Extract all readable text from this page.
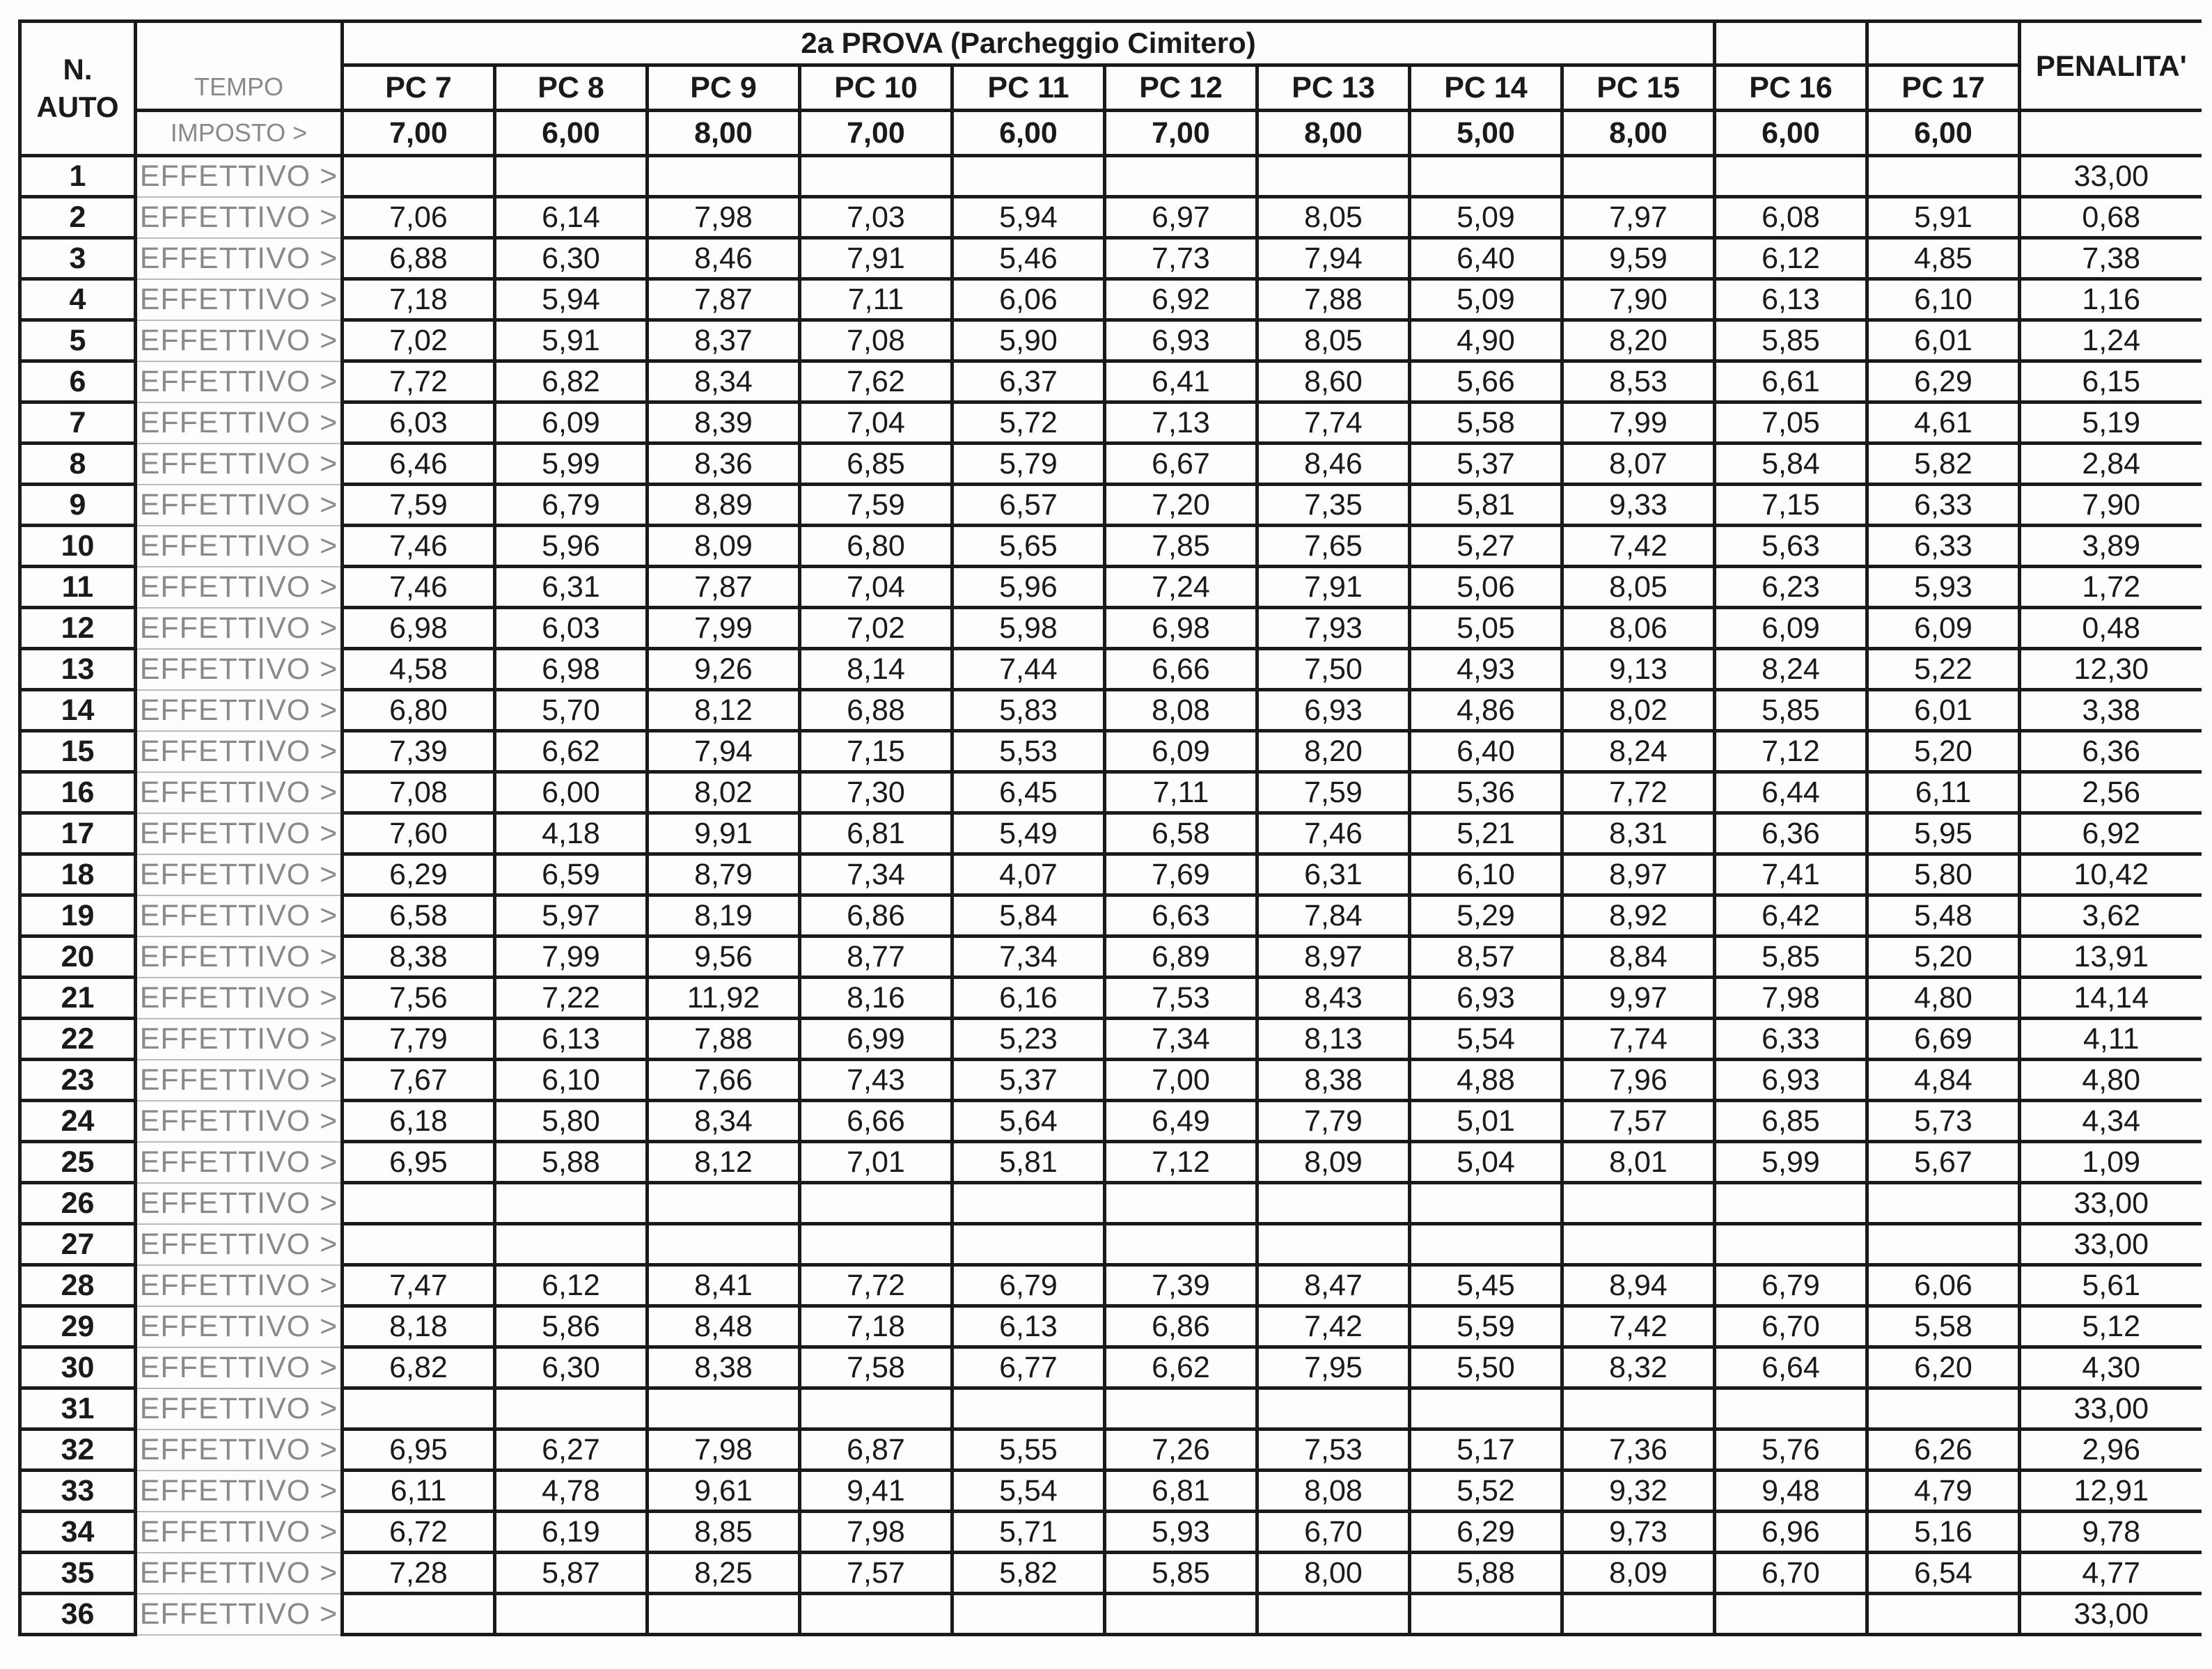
N.
AUTO		2a PROVA (Parcheggio Cimitero)											PENALITA'
	TEMPO	PC 7	PC 8	PC 9	PC 10	PC 11	PC 12	PC 13	PC 14	PC 15	PC 16	PC 17	
	IMPOSTO >	7,00	6,00	8,00	7,00	6,00	7,00	8,00	5,00	8,00	6,00	6,00	
1	EFFETTIVO >												33,00
2	EFFETTIVO >	7,06	6,14	7,98	7,03	5,94	6,97	8,05	5,09	7,97	6,08	5,91	0,68
3	EFFETTIVO >	6,88	6,30	8,46	7,91	5,46	7,73	7,94	6,40	9,59	6,12	4,85	7,38
4	EFFETTIVO >	7,18	5,94	7,87	7,11	6,06	6,92	7,88	5,09	7,90	6,13	6,10	1,16
5	EFFETTIVO >	7,02	5,91	8,37	7,08	5,90	6,93	8,05	4,90	8,20	5,85	6,01	1,24
6	EFFETTIVO >	7,72	6,82	8,34	7,62	6,37	6,41	8,60	5,66	8,53	6,61	6,29	6,15
7	EFFETTIVO >	6,03	6,09	8,39	7,04	5,72	7,13	7,74	5,58	7,99	7,05	4,61	5,19
8	EFFETTIVO >	6,46	5,99	8,36	6,85	5,79	6,67	8,46	5,37	8,07	5,84	5,82	2,84
9	EFFETTIVO >	7,59	6,79	8,89	7,59	6,57	7,20	7,35	5,81	9,33	7,15	6,33	7,90
10	EFFETTIVO >	7,46	5,96	8,09	6,80	5,65	7,85	7,65	5,27	7,42	5,63	6,33	3,89
11	EFFETTIVO >	7,46	6,31	7,87	7,04	5,96	7,24	7,91	5,06	8,05	6,23	5,93	1,72
12	EFFETTIVO >	6,98	6,03	7,99	7,02	5,98	6,98	7,93	5,05	8,06	6,09	6,09	0,48
13	EFFETTIVO >	4,58	6,98	9,26	8,14	7,44	6,66	7,50	4,93	9,13	8,24	5,22	12,30
14	EFFETTIVO >	6,80	5,70	8,12	6,88	5,83	8,08	6,93	4,86	8,02	5,85	6,01	3,38
15	EFFETTIVO >	7,39	6,62	7,94	7,15	5,53	6,09	8,20	6,40	8,24	7,12	5,20	6,36
16	EFFETTIVO >	7,08	6,00	8,02	7,30	6,45	7,11	7,59	5,36	7,72	6,44	6,11	2,56
17	EFFETTIVO >	7,60	4,18	9,91	6,81	5,49	6,58	7,46	5,21	8,31	6,36	5,95	6,92
18	EFFETTIVO >	6,29	6,59	8,79	7,34	4,07	7,69	6,31	6,10	8,97	7,41	5,80	10,42
19	EFFETTIVO >	6,58	5,97	8,19	6,86	5,84	6,63	7,84	5,29	8,92	6,42	5,48	3,62
20	EFFETTIVO >	8,38	7,99	9,56	8,77	7,34	6,89	8,97	8,57	8,84	5,85	5,20	13,91
21	EFFETTIVO >	7,56	7,22	11,92	8,16	6,16	7,53	8,43	6,93	9,97	7,98	4,80	14,14
22	EFFETTIVO >	7,79	6,13	7,88	6,99	5,23	7,34	8,13	5,54	7,74	6,33	6,69	4,11
23	EFFETTIVO >	7,67	6,10	7,66	7,43	5,37	7,00	8,38	4,88	7,96	6,93	4,84	4,80
24	EFFETTIVO >	6,18	5,80	8,34	6,66	5,64	6,49	7,79	5,01	7,57	6,85	5,73	4,34
25	EFFETTIVO >	6,95	5,88	8,12	7,01	5,81	7,12	8,09	5,04	8,01	5,99	5,67	1,09
26	EFFETTIVO >												33,00
27	EFFETTIVO >												33,00
28	EFFETTIVO >	7,47	6,12	8,41	7,72	6,79	7,39	8,47	5,45	8,94	6,79	6,06	5,61
29	EFFETTIVO >	8,18	5,86	8,48	7,18	6,13	6,86	7,42	5,59	7,42	6,70	5,58	5,12
30	EFFETTIVO >	6,82	6,30	8,38	7,58	6,77	6,62	7,95	5,50	8,32	6,64	6,20	4,30
31	EFFETTIVO >												33,00
32	EFFETTIVO >	6,95	6,27	7,98	6,87	5,55	7,26	7,53	5,17	7,36	5,76	6,26	2,96
33	EFFETTIVO >	6,11	4,78	9,61	9,41	5,54	6,81	8,08	5,52	9,32	9,48	4,79	12,91
34	EFFETTIVO >	6,72	6,19	8,85	7,98	5,71	5,93	6,70	6,29	9,73	6,96	5,16	9,78
35	EFFETTIVO >	7,28	5,87	8,25	7,57	5,82	5,85	8,00	5,88	8,09	6,70	6,54	4,77
36	EFFETTIVO >												33,00
